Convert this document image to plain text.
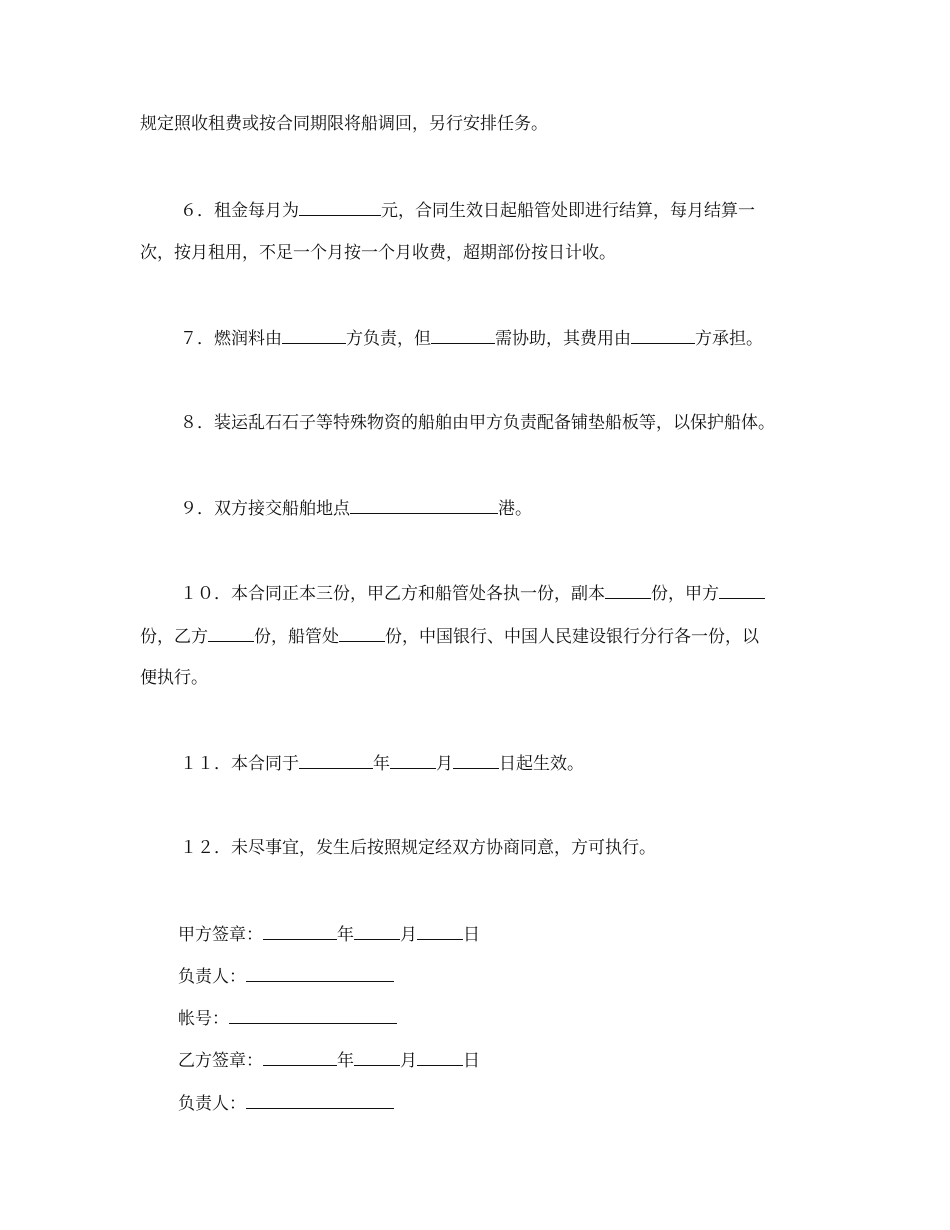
规定照收租费或按合同期限将船调回，另行安排任务。
６．租金每月为	元，合同生效日起船管处即进行结算，每月结算一
次，按月租用，不足一个月按一个月收费，超期部份按日计收。
７．燃润料由	方负责，但	需协助，其费用由	方承担。
８．装运乱石石子等特殊物资的船舶由甲方负责配备铺垫船板等，以保护船体。
９．双方接交船舶地点	港。
１０．本合同正本三份，甲乙方和船管处各执一份，副本	份，甲方
份，乙方	份，船管处	份，中国银行、中国人民建设银行分行各一份，以
便执行。
１１．本合同于	年	月	日起生效。
１２．未尽事宜，发生后按照规定经双方协商同意，方可执行。
甲方签章：	年	月	日
负责人：
帐号：
乙方签章：	年	月	日
负责人：
